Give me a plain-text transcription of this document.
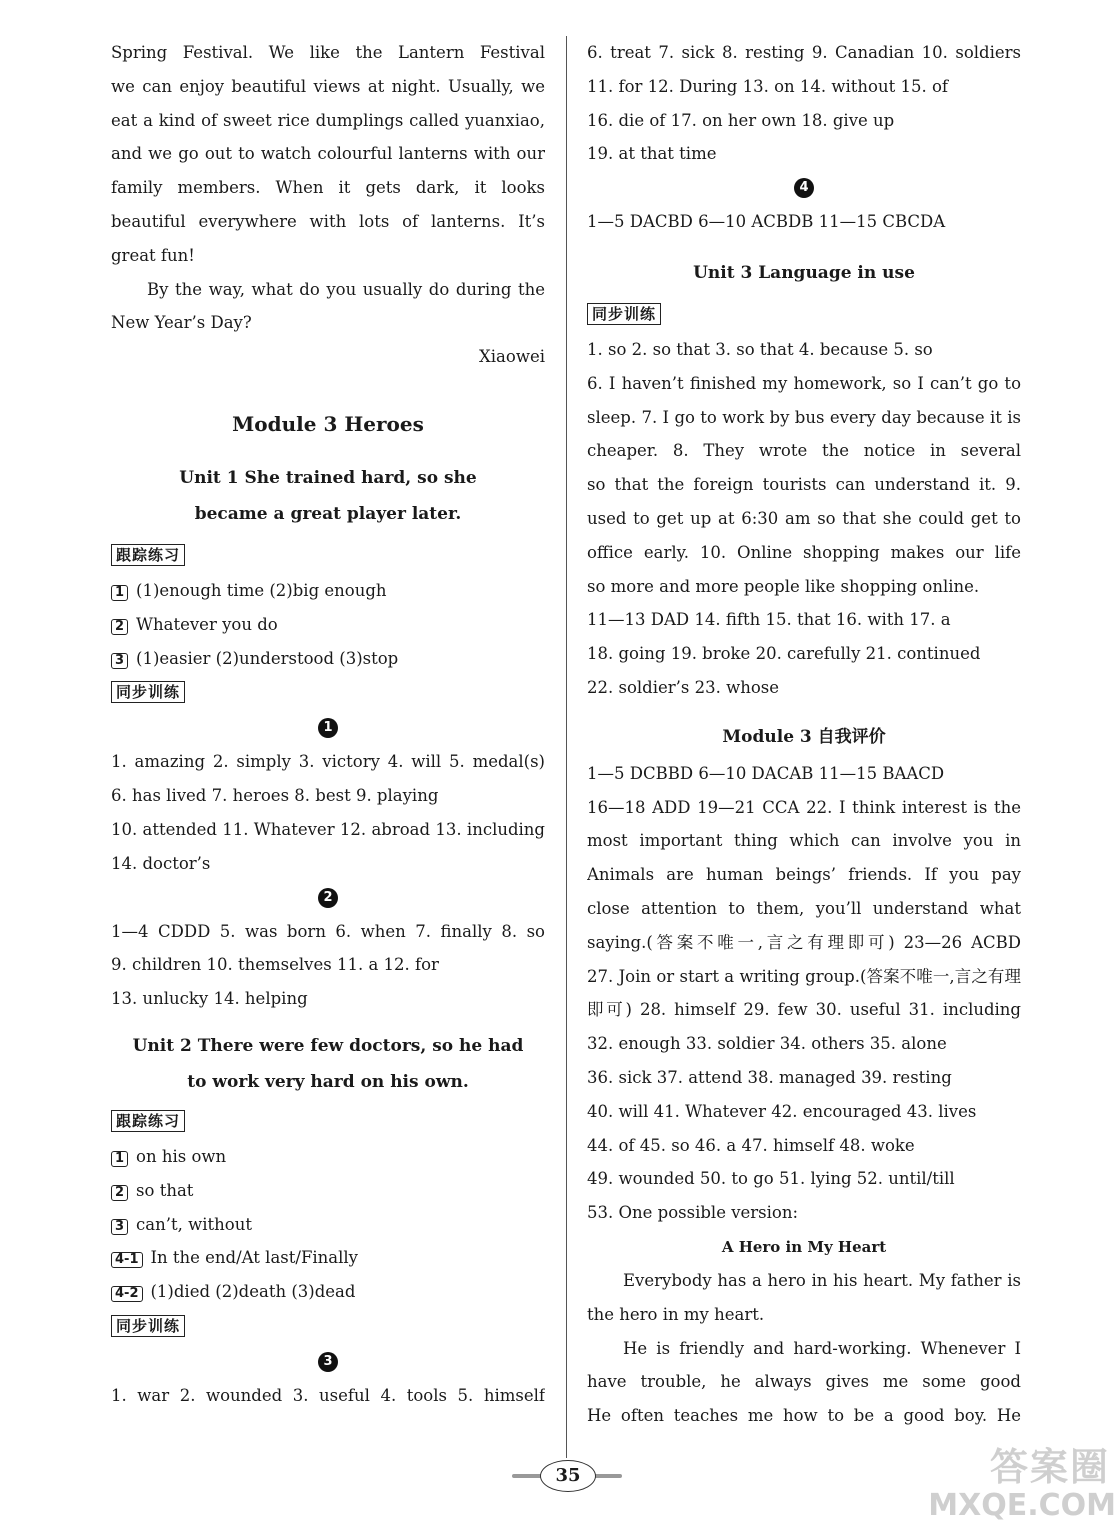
Spring Festival. We like the Lantern Festival
we can enjoy beautiful views at night. Usually, we
eat a kind of sweet rice dumplings called yuanxiao,
and we go out to watch colourful lanterns with our
family members. When it gets dark, it looks
beautiful everywhere with lots of lanterns. It’s
great fun!
By the way, what do you usually do during the
New Year’s Day?
Xiaowei
Module 3 Heroes
Unit 1 She trained hard, so she
became a great player later.
跟踪练习
1 (1)enough time (2)big enough
2 Whatever you do
3 (1)easier (2)understood (3)stop
同步训练
1
1. amazing 2. simply 3. victory 4. will 5. medal(s)
6. has lived 7. heroes 8. best 9. playing
10. attended 11. Whatever 12. abroad 13. including
14. doctor’s
2
1—4 CDDD 5. was born 6. when 7. finally 8. so
9. children 10. themselves 11. a 12. for
13. unlucky 14. helping
Unit 2 There were few doctors, so he had
to work very hard on his own.
跟踪练习
1 on his own
2 so that
3 can’t, without
4-1 In the end/At last/Finally
4-2 (1)died (2)death (3)dead
同步训练
3
1. war 2. wounded 3. useful 4. tools 5. himself
6. treat 7. sick 8. resting 9. Canadian 10. soldiers
11. for 12. During 13. on 14. without 15. of
16. die of 17. on her own 18. give up
19. at that time
4
1—5 DACBD 6—10 ACBDB 11—15 CBCDA
Unit 3 Language in use
同步训练
1. so 2. so that 3. so that 4. because 5. so
6. I haven’t finished my homework, so I can’t go to
sleep. 7. I go to work by bus every day because it is
cheaper. 8. They wrote the notice in several
so that the foreign tourists can understand it. 9.
used to get up at 6:30 am so that she could get to
office early. 10. Online shopping makes our life
so more and more people like shopping online.
11—13 DAD 14. fifth 15. that 16. with 17. a
18. going 19. broke 20. carefully 21. continued
22. soldier’s 23. whose
Module 3 自我评价
1—5 DCBBD 6—10 DACAB 11—15 BAACD
16—18 ADD 19—21 CCA 22. I think interest is the
most important thing which can involve you in
Animals are human beings’ friends. If you pay
close attention to them, you’ll understand what
saying.(答案不唯一,言之有理即可) 23—26 ACBD
27. Join or start a writing group.(答案不唯一,言之有理
即可) 28. himself 29. few 30. useful 31. including
32. enough 33. soldier 34. others 35. alone
36. sick 37. attend 38. managed 39. resting
40. will 41. Whatever 42. encouraged 43. lives
44. of 45. so 46. a 47. himself 48. woke
49. wounded 50. to go 51. lying 52. until/till
53. One possible version:
A Hero in My Heart
Everybody has a hero in his heart. My father is
the hero in my heart.
He is friendly and hard-working. Whenever I
have trouble, he always gives me some good
He often teaches me how to be a good boy. He
35	答案圈
MXQE.COM
